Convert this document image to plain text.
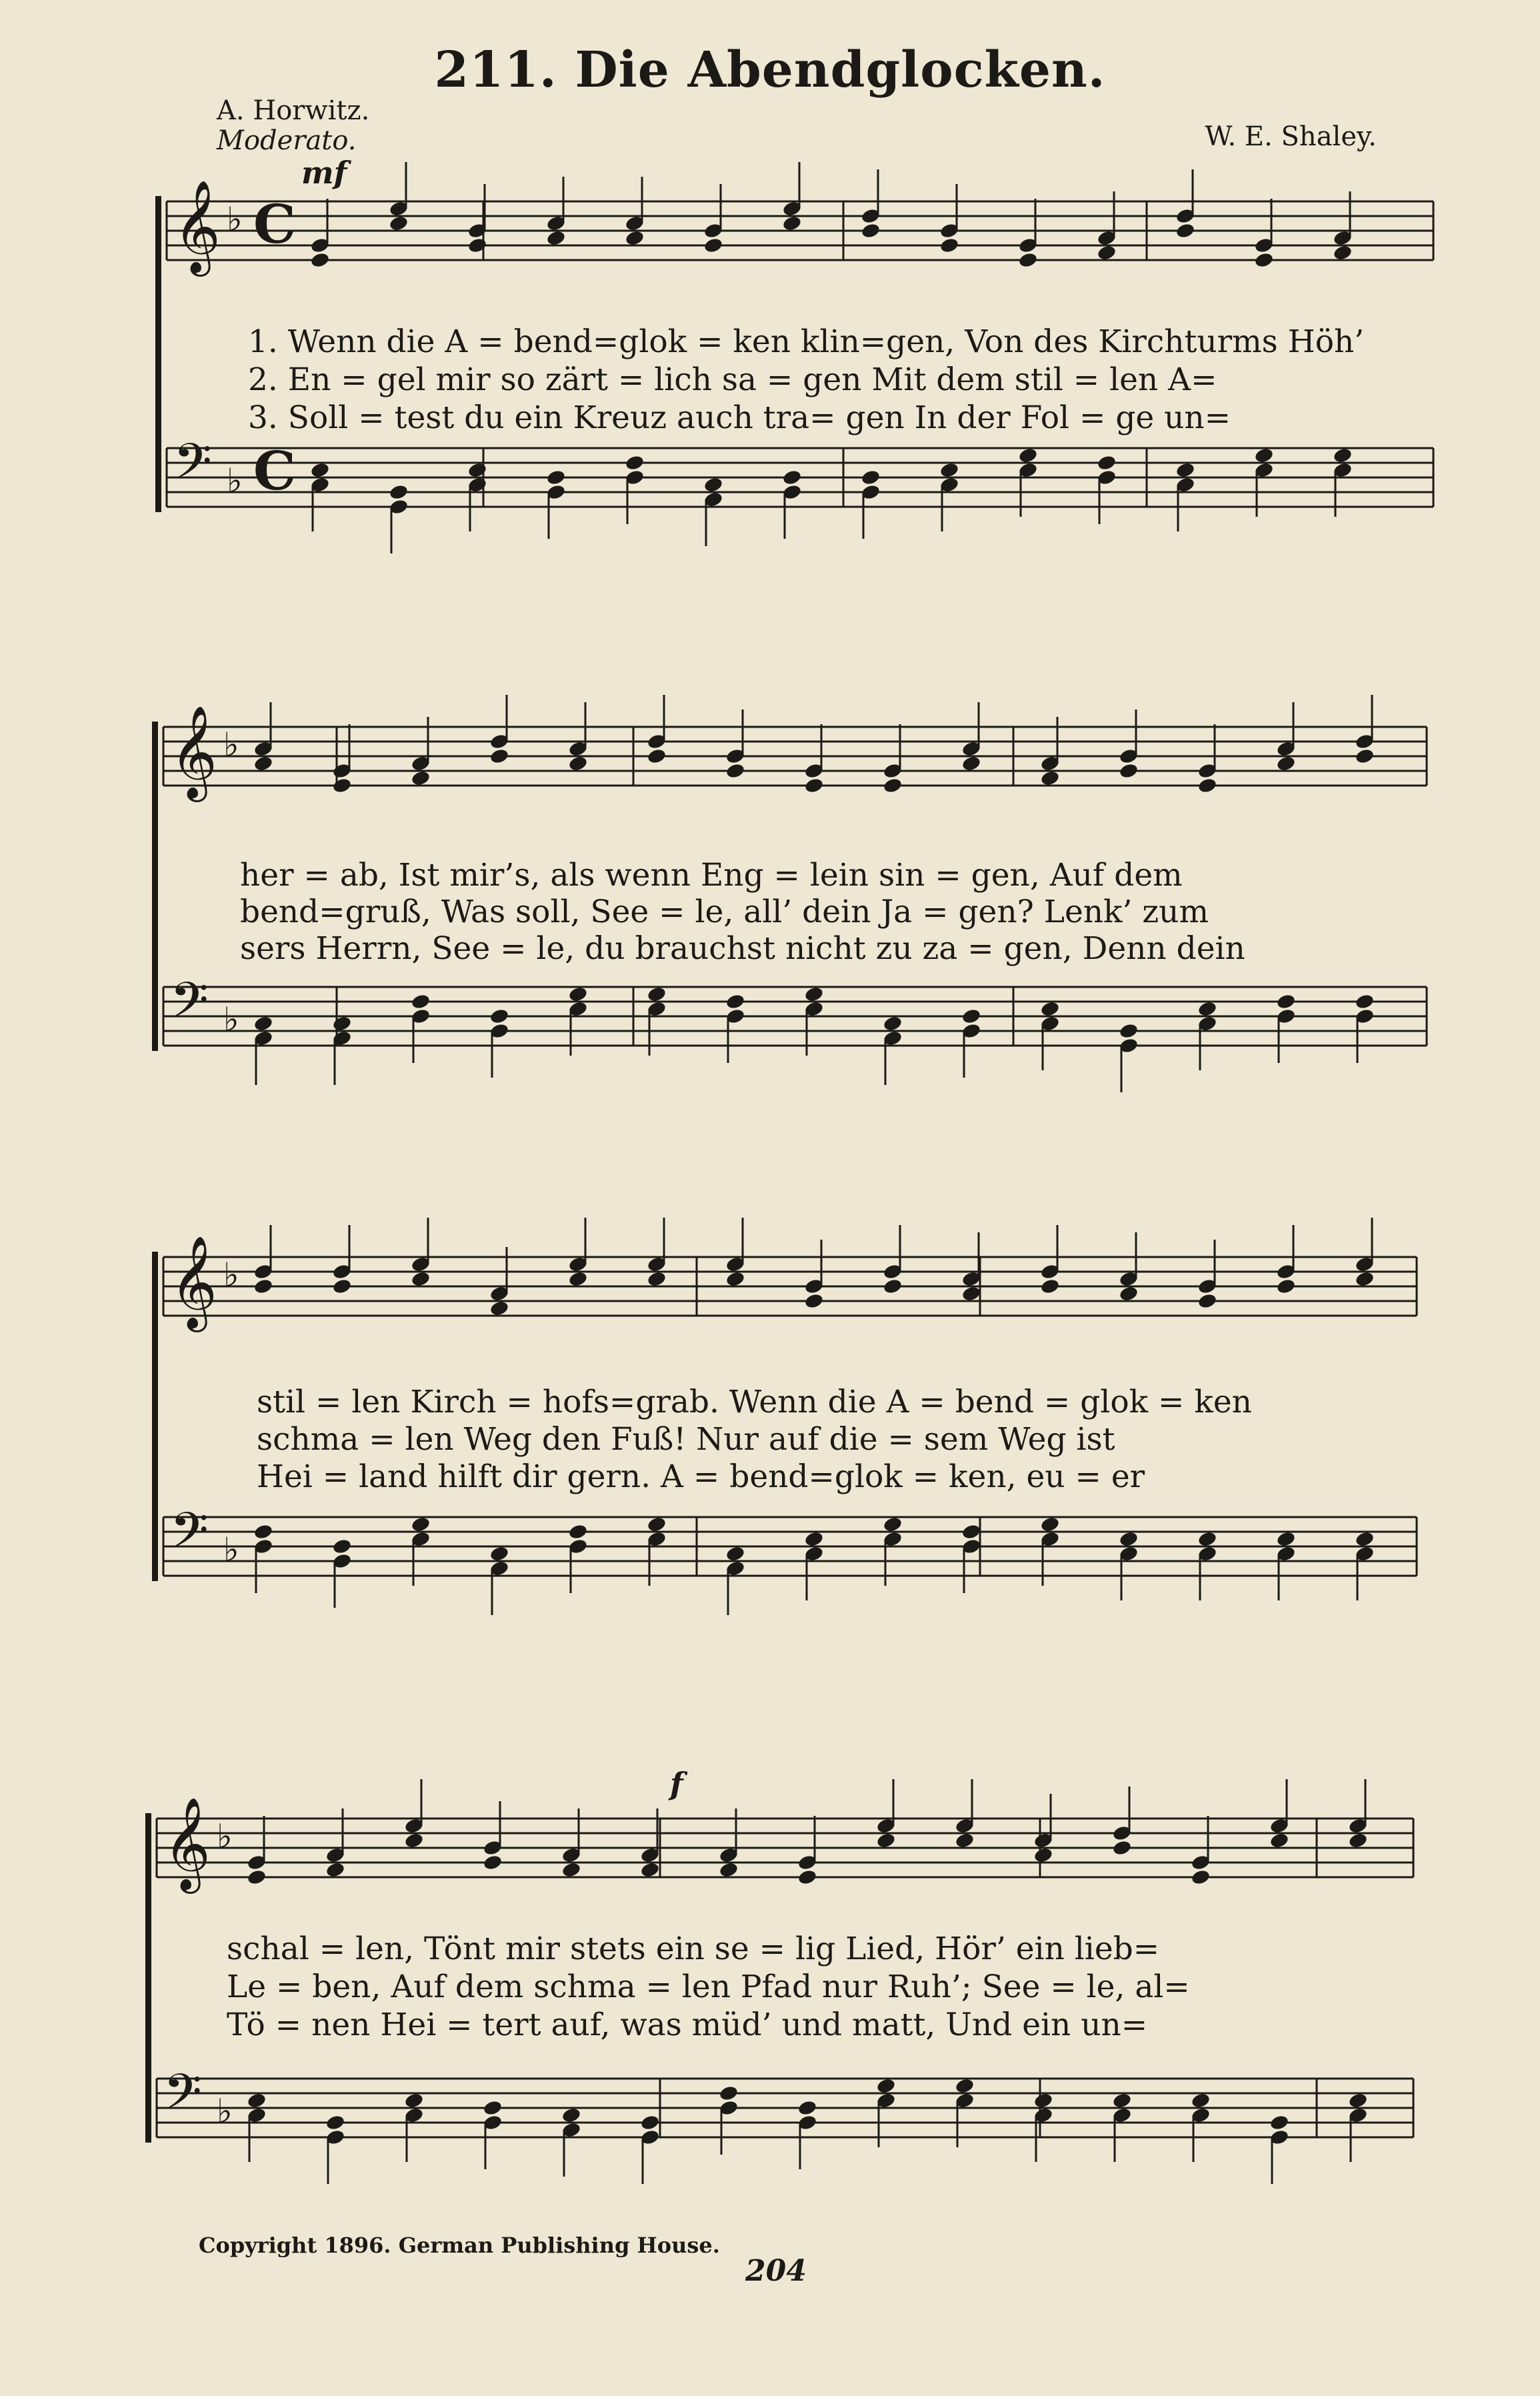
211. Die Abendglocken.
A. Horwitz.
Moderato.	W. E. Shaley.
mf
f
𝄞 ♭ C
𝄢 ♭ C
𝄞 ♭
𝄢 ♭
𝄞 ♭
𝄢 ♭
𝄞 ♭
𝄢 ♭
1. Wenn die A = bend=glok = ken klin=gen, Von des Kirchturms Höh’
2. En = gel mir so zärt = lich sa = gen Mit dem stil = len A=
3. Soll = test du ein Kreuz auch tra= gen In der Fol = ge un=
her = ab, Ist mir’s, als wenn Eng = lein sin = gen, Auf dem
bend=gruß, Was soll, See = le, all’ dein Ja = gen? Lenk’ zum
sers Herrn, See = le, du brauchst nicht zu za = gen, Denn dein
stil = len Kirch = hofs=grab. Wenn die A = bend = glok = ken
schma = len Weg den Fuß! Nur auf die = sem Weg ist
Hei = land hilft dir gern. A = bend=glok = ken, eu = er
schal = len, Tönt mir stets ein se = lig Lied, Hör’ ein lieb=
Le = ben, Auf dem schma = len Pfad nur Ruh’; See = le, al=
Tö = nen Hei = tert auf, was müd’ und matt, Und ein un=
Copyright 1896. German Publishing House.
204
